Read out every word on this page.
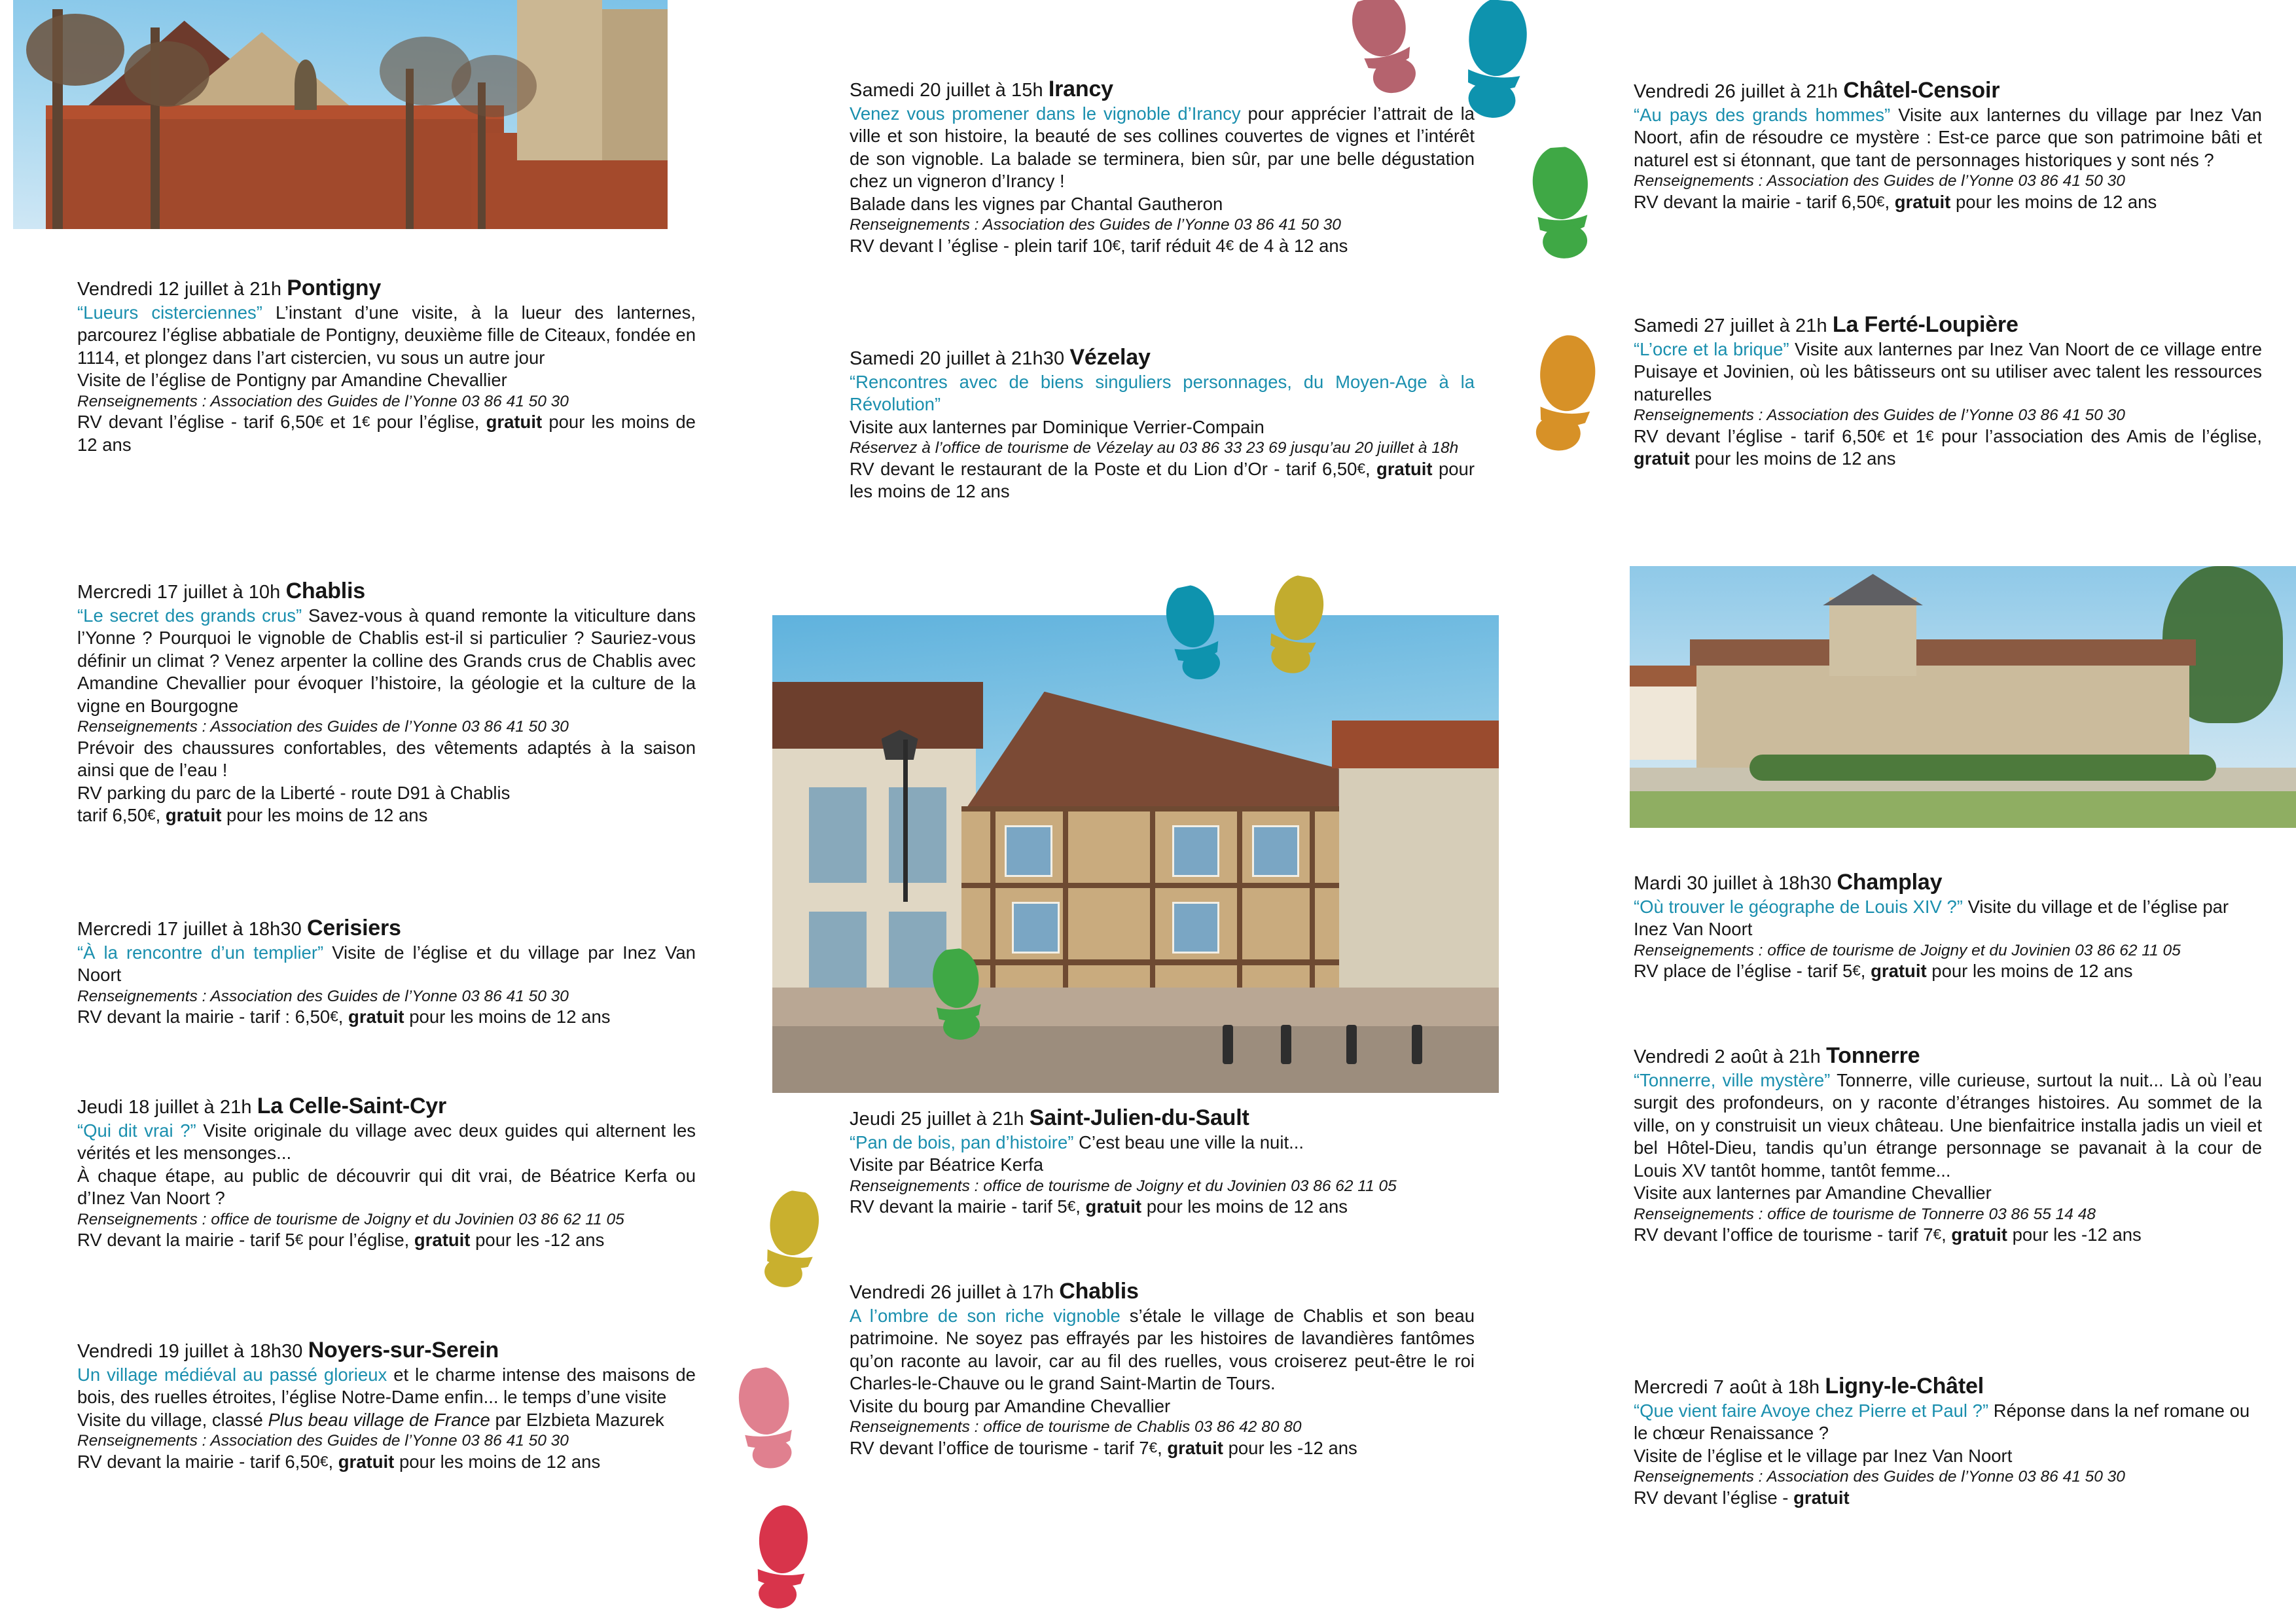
Vendredi 12 juillet à 21h Pontigny

“Lueurs cisterciennes” L’instant d’une visite, à la lueur des lanternes, parcourez l’église abbatiale de Pontigny, deuxième fille de Citeaux, fondée en 1114, et plongez dans l’art cistercien, vu sous un autre jour

Visite de l’église de Pontigny par Amandine Chevallier

Renseignements : Association des Guides de l’Yonne 03 86 41 50 30

RV devant l’église - tarif 6,50€ et 1€ pour l’église, gratuit pour les moins de 12 ans

Mercredi 17 juillet à 10h Chablis

“Le secret des grands crus” Savez-vous à quand remonte la viticulture dans l’Yonne ? Pourquoi le vignoble de Chablis est-il si particulier ? Sauriez-vous définir un climat ? Venez arpenter la colline des Grands crus de Chablis avec Amandine Chevallier pour évoquer l’histoire, la géologie et la culture de la vigne en Bourgogne

Renseignements : Association des Guides de l’Yonne 03 86 41 50 30

Prévoir des chaussures confortables, des vêtements adaptés à la saison ainsi que de l’eau !

RV parking du parc de la Liberté - route D91 à Chablis

tarif 6,50€, gratuit pour les moins de 12 ans

Mercredi 17 juillet à 18h30 Cerisiers

“À la rencontre d’un templier” Visite de l’église et du village par Inez Van Noort

Renseignements : Association des Guides de l’Yonne 03 86 41 50 30

RV devant la mairie - tarif : 6,50€, gratuit pour les moins de 12 ans

Jeudi 18 juillet à 21h La Celle-Saint-Cyr

“Qui dit vrai ?” Visite originale du village avec deux guides qui alternent les vérités et les mensonges...

À chaque étape, au public de découvrir qui dit vrai, de Béatrice Kerfa ou d’Inez Van Noort ?

Renseignements : office de tourisme de Joigny et du Jovinien 03 86 62 11 05

RV devant la mairie - tarif 5€ pour l’église, gratuit pour les -12 ans

Vendredi 19 juillet à 18h30 Noyers-sur-Serein

Un village médiéval au passé glorieux et le charme intense des maisons de bois, des ruelles étroites, l’église Notre-Dame enfin... le temps d’une visite

Visite du village, classé Plus beau village de France par Elzbieta Mazurek

Renseignements : Association des Guides de l’Yonne 03 86 41 50 30

RV devant la mairie - tarif 6,50€, gratuit pour les moins de 12 ans

Samedi 20 juillet à 15h Irancy

Venez vous promener dans le vignoble d’Irancy pour apprécier l’attrait de la ville et son histoire, la beauté de ses collines couvertes de vignes et l’intérêt de son vignoble. La balade se terminera, bien sûr, par une belle dégustation chez un vigneron d’Irancy !

Balade dans les vignes par Chantal Gautheron

Renseignements : Association des Guides de l’Yonne 03 86 41 50 30

RV devant l ’église - plein tarif 10€, tarif réduit 4€ de 4 à 12 ans

Samedi 20 juillet à 21h30 Vézelay

“Rencontres avec de biens singuliers personnages, du Moyen-Age à la Révolution”

Visite aux lanternes par Dominique Verrier-Compain

Réservez à l’office de tourisme de Vézelay au 03 86 33 23 69 jusqu’au 20 juillet à 18h

RV devant le restaurant de la Poste et du Lion d’Or - tarif 6,50€, gratuit pour les moins de 12 ans

Jeudi 25 juillet à 21h Saint-Julien-du-Sault

“Pan de bois, pan d’histoire” C’est beau une ville la nuit...

Visite par Béatrice Kerfa

Renseignements : office de tourisme de Joigny et du Jovinien 03 86 62 11 05

RV devant la mairie - tarif 5€, gratuit pour les moins de 12 ans

Vendredi 26 juillet à 17h Chablis

A l’ombre de son riche vignoble s’étale le village de Chablis et son beau patrimoine. Ne soyez pas effrayés par les histoires de lavandières fantômes qu’on raconte au lavoir, car au fil des ruelles, vous croiserez peut-être le roi Charles-le-Chauve ou le grand Saint-Martin de Tours.

Visite du bourg par Amandine Chevallier

Renseignements : office de tourisme de Chablis 03 86 42 80 80

RV devant l’office de tourisme - tarif 7€, gratuit pour les -12 ans

Vendredi 26 juillet à 21h Châtel-Censoir

“Au pays des grands hommes” Visite aux lanternes du village par Inez Van Noort, afin de résoudre ce mystère : Est-ce parce que son patrimoine bâti et naturel est si étonnant, que tant de personnages historiques y sont nés ?

Renseignements : Association des Guides de l’Yonne 03 86 41 50 30

RV devant la mairie - tarif 6,50€, gratuit pour les moins de 12 ans

Samedi 27 juillet à 21h La Ferté-Loupière

“L’ocre et la brique” Visite aux lanternes par Inez Van Noort de ce village entre Puisaye et Jovinien, où les bâtisseurs ont su utiliser avec talent les ressources naturelles

Renseignements : Association des Guides de l’Yonne 03 86 41 50 30

RV devant l’église - tarif 6,50€ et 1€ pour l’association des Amis de l’église, gratuit pour les moins de 12 ans

Mardi 30 juillet à 18h30 Champlay

“Où trouver le géographe de Louis XIV ?” Visite du village et de l’église par Inez Van Noort

Renseignements : office de tourisme de Joigny et du Jovinien 03 86 62 11 05

RV place de l’église - tarif 5€, gratuit pour les moins de 12 ans

Vendredi 2 août à 21h Tonnerre

“Tonnerre, ville mystère” Tonnerre, ville curieuse, surtout la nuit... Là où l’eau surgit des profondeurs, on y raconte d’étranges histoires. Au sommet de la ville, on y construisit un vieux château. Une bienfaitrice installa jadis un vieil et bel Hôtel-Dieu, tandis qu’un étrange personnage se pavanait à la cour de Louis XV tantôt homme, tantôt femme...

Visite aux lanternes par Amandine Chevallier

Renseignements : office de tourisme de Tonnerre 03 86 55 14 48

RV devant l’office de tourisme - tarif 7€, gratuit pour les -12 ans

Mercredi 7 août à 18h Ligny-le-Châtel

“Que vient faire Avoye chez Pierre et Paul ?” Réponse dans la nef romane ou le chœur Renaissance ?

Visite de l’église et le village par Inez Van Noort

Renseignements : Association des Guides de l’Yonne 03 86 41 50 30

RV devant l’église - gratuit
